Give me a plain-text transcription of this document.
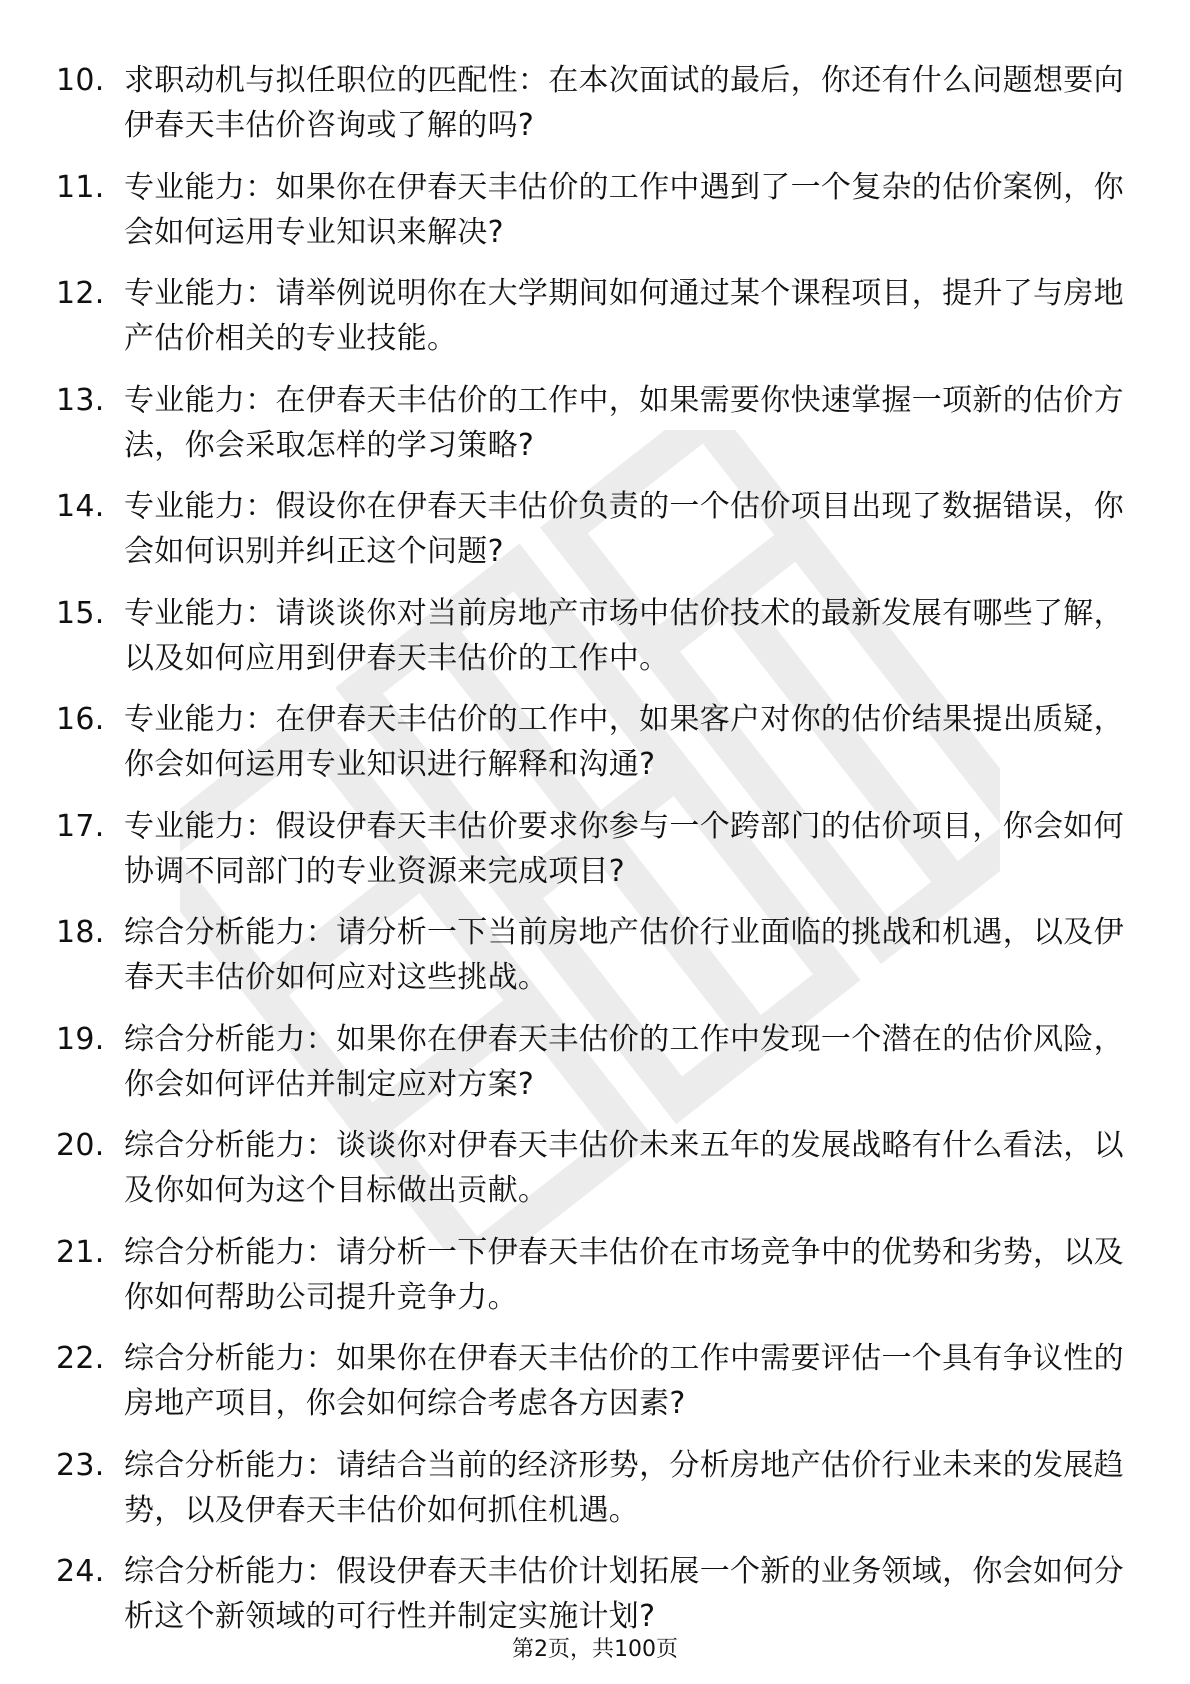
10. 求职动机与拟任职位的匹配性：在本次面试的最后，你还有什么问题想要向伊春天丰估价咨询或了解的吗?
11. 专业能力：如果你在伊春天丰估价的工作中遇到了一个复杂的估价案例，你会如何运用专业知识来解决?
12. 专业能力：请举例说明你在大学期间如何通过某个课程项目，提升了与房地产估价相关的专业技能。
13. 专业能力：在伊春天丰估价的工作中，如果需要你快速掌握一项新的估价方法，你会采取怎样的学习策略?
14. 专业能力：假设你在伊春天丰估价负责的一个估价项目出现了数据错误，你会如何识别并纠正这个问题?
15. 专业能力：请谈谈你对当前房地产市场中估价技术的最新发展有哪些了解，以及如何应用到伊春天丰估价的工作中。
16. 专业能力：在伊春天丰估价的工作中，如果客户对你的估价结果提出质疑，你会如何运用专业知识进行解释和沟通?
17. 专业能力：假设伊春天丰估价要求你参与一个跨部门的估价项目，你会如何协调不同部门的专业资源来完成项目?
18. 综合分析能力：请分析一下当前房地产估价行业面临的挑战和机遇，以及伊春天丰估价如何应对这些挑战。
19. 综合分析能力：如果你在伊春天丰估价的工作中发现一个潜在的估价风险，你会如何评估并制定应对方案?
20. 综合分析能力：谈谈你对伊春天丰估价未来五年的发展战略有什么看法，以及你如何为这个目标做出贡献。
21. 综合分析能力：请分析一下伊春天丰估价在市场竞争中的优势和劣势，以及你如何帮助公司提升竞争力。
22. 综合分析能力：如果你在伊春天丰估价的工作中需要评估一个具有争议性的房地产项目，你会如何综合考虑各方因素?
23. 综合分析能力：请结合当前的经济形势，分析房地产估价行业未来的发展趋势，以及伊春天丰估价如何抓住机遇。
24. 综合分析能力：假设伊春天丰估价计划拓展一个新的业务领域，你会如何分析这个新领域的可行性并制定实施计划?
第2页，共100页
